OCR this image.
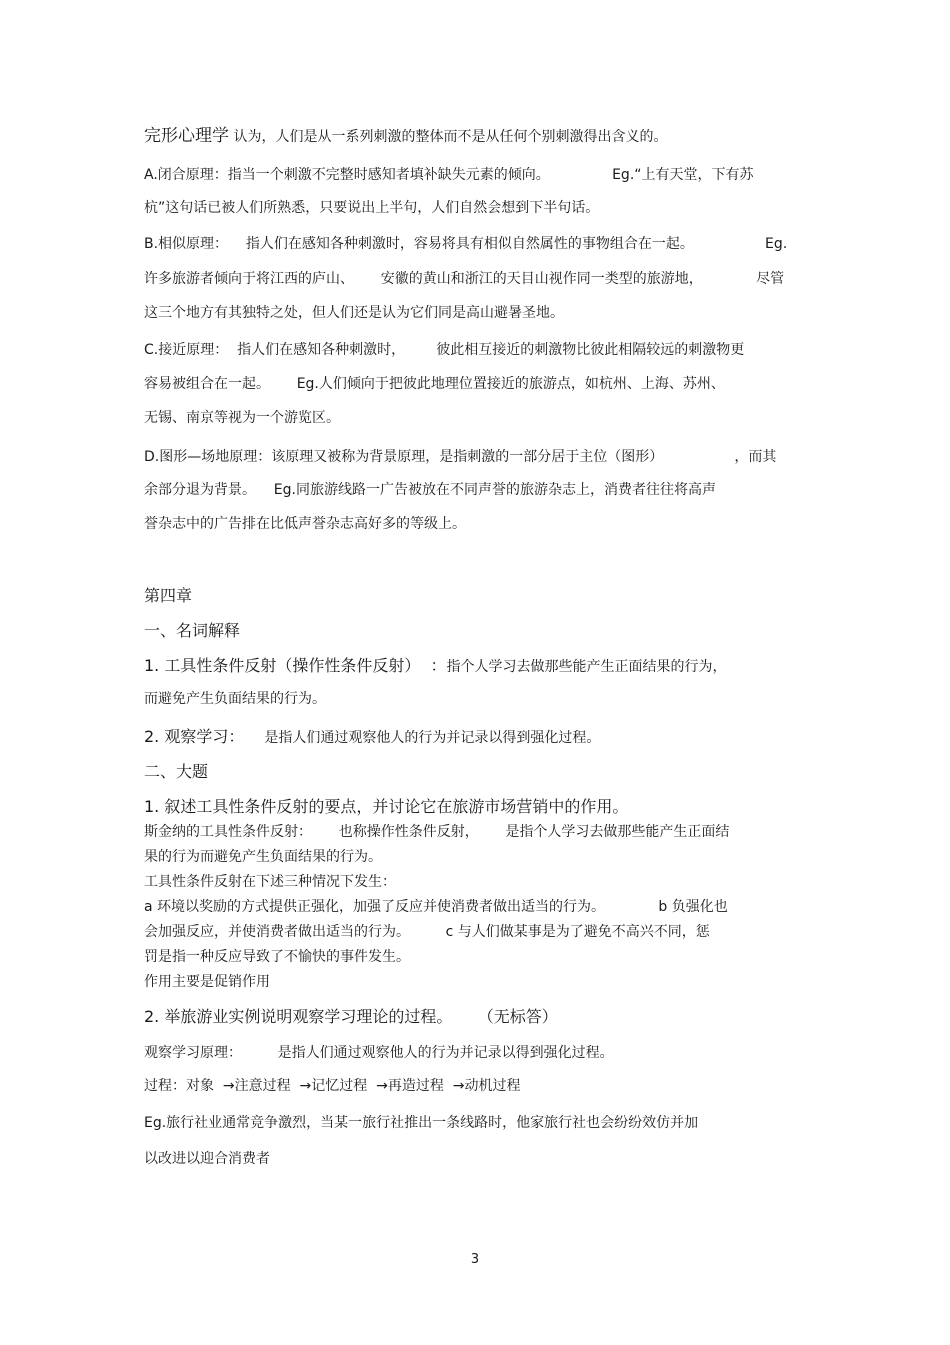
完形心理学 认为，人们是从一系列刺激的整体而不是从任何个别刺激得出含义的。
A.闭合原理：指当一个刺激不完整时感知者填补缺失元素的倾向。              Eg.“上有天堂，下有苏
杭”这句话已被人们所熟悉，只要说出上半句，人们自然会想到下半句话。
B.相似原理：    指人们在感知各种刺激时，容易将具有相似自然属性的事物组合在一起。                Eg.
许多旅游者倾向于将江西的庐山、      安徽的黄山和浙江的天目山视作同一类型的旅游地，            尽管
这三个地方有其独特之处，但人们还是认为它们同是高山避暑圣地。
C.接近原理：  指人们在感知各种刺激时，       彼此相互接近的刺激物比彼此相隔较远的刺激物更
容易被组合在一起。      Eg.人们倾向于把彼此地理位置接近的旅游点，如杭州、上海、苏州、
无锡、南京等视为一个游览区。
D.图形—场地原理：该原理又被称为背景原理，是指刺激的一部分居于主位（图形）                ，而其
余部分退为背景。    Eg.同旅游线路一广告被放在不同声誉的旅游杂志上，消费者往往将高声
誉杂志中的广告排在比低声誉杂志高好多的等级上。
第四章
一、名词解释
1. 工具性条件反射（操作性条件反射）  ：指个人学习去做那些能产生正面结果的行为，
而避免产生负面结果的行为。
2. 观察学习： 是指人们通过观察他人的行为并记录以得到强化过程。
二、大题
1. 叙述工具性条件反射的要点，并讨论它在旅游市场营销中的作用。
斯金纳的工具性条件反射：      也称操作性条件反射，      是指个人学习去做那些能产生正面结
果的行为而避免产生负面结果的行为。
工具性条件反射在下述三种情况下发生：
a 环境以奖励的方式提供正强化，加强了反应并使消费者做出适当的行为。            b 负强化也
会加强反应，并使消费者做出适当的行为。        c 与人们做某事是为了避免不高兴不同，惩
罚是指一种反应导致了不愉快的事件发生。
作用主要是促销作用
2. 举旅游业实例说明观察学习理论的过程。     （无标答）
观察学习原理：        是指人们通过观察他人的行为并记录以得到强化过程。
过程：对象  →注意过程  →记忆过程  →再造过程  →动机过程
Eg.旅行社业通常竞争激烈，当某一旅行社推出一条线路时，他家旅行社也会纷纷效仿并加
以改进以迎合消费者
3
